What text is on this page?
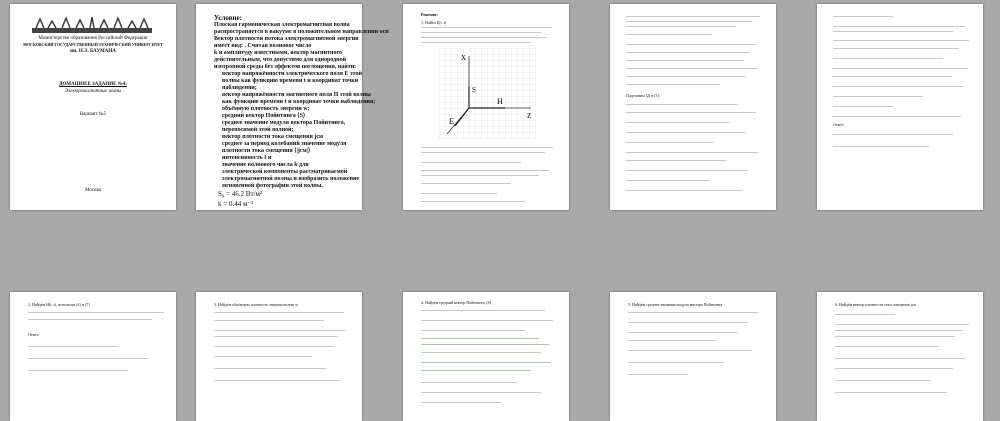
Министерство образования Российской Федерации
МОСКОВСКИЙ ГОСУДАРСТВЕННЫЙ ТЕХНИЧЕСКИЙ УНИВЕРСИТЕТ
им. Н.Э. БАУМАНА
ДОМАШНЕЕ ЗАДАНИЕ №4:
Электромагнитные волны
Вариант №5
Москва
Условие:
Плоская гармоническая электромагнитная волна
распространяется в вакууме в положительном направлении оси
Вектор плотности потока электромагнитной энергии
имеет вид: . Считая волновое число
k и амплитуду известными, вектор магнитного
действительным, что допустимо для однородной
изотропной среды без эффектов поглощения, найти:
вектор напряжённости электрического поля E этой
волны как функцию времени t и координат точки
наблюдения;
вектор напряжённости магнитного поля H этой волны
как функцию времени t и координат точки наблюдения;
объёмную плотность энергии w;
средний вектор Пойнтинга ⟨S⟩
среднее значение модуля вектора Пойнтинга,
переносимой этой волной;
вектор плотности тока смещения jсм
среднее за период колебаний значение модуля
плотности тока смещения ⟨|jсм|⟩
интенсивность I и
значение волнового числа k для
электрической компоненты рассматриваемой
электромагнитной волны и изобразить положение
мгновенной фотографии этой волны.
S₀ = 46.2 Вт/м²
k = 0.44 м⁻¹
Решение:
1. Найти E(t, r)
X
Z
H
S
E
Подставим (2) в (1):
Ответ:
2. Найдём H(t, r), используя (4) и (7)
Ответ:
3. Найдём объёмную плотность энергии волны w	4. Найдём средний вектор Пойнтинга ⟨S⟩	5. Найдём среднее значение модуля вектора Пойнтинга	6. Найдём вектор плотности тока смещения jсм
